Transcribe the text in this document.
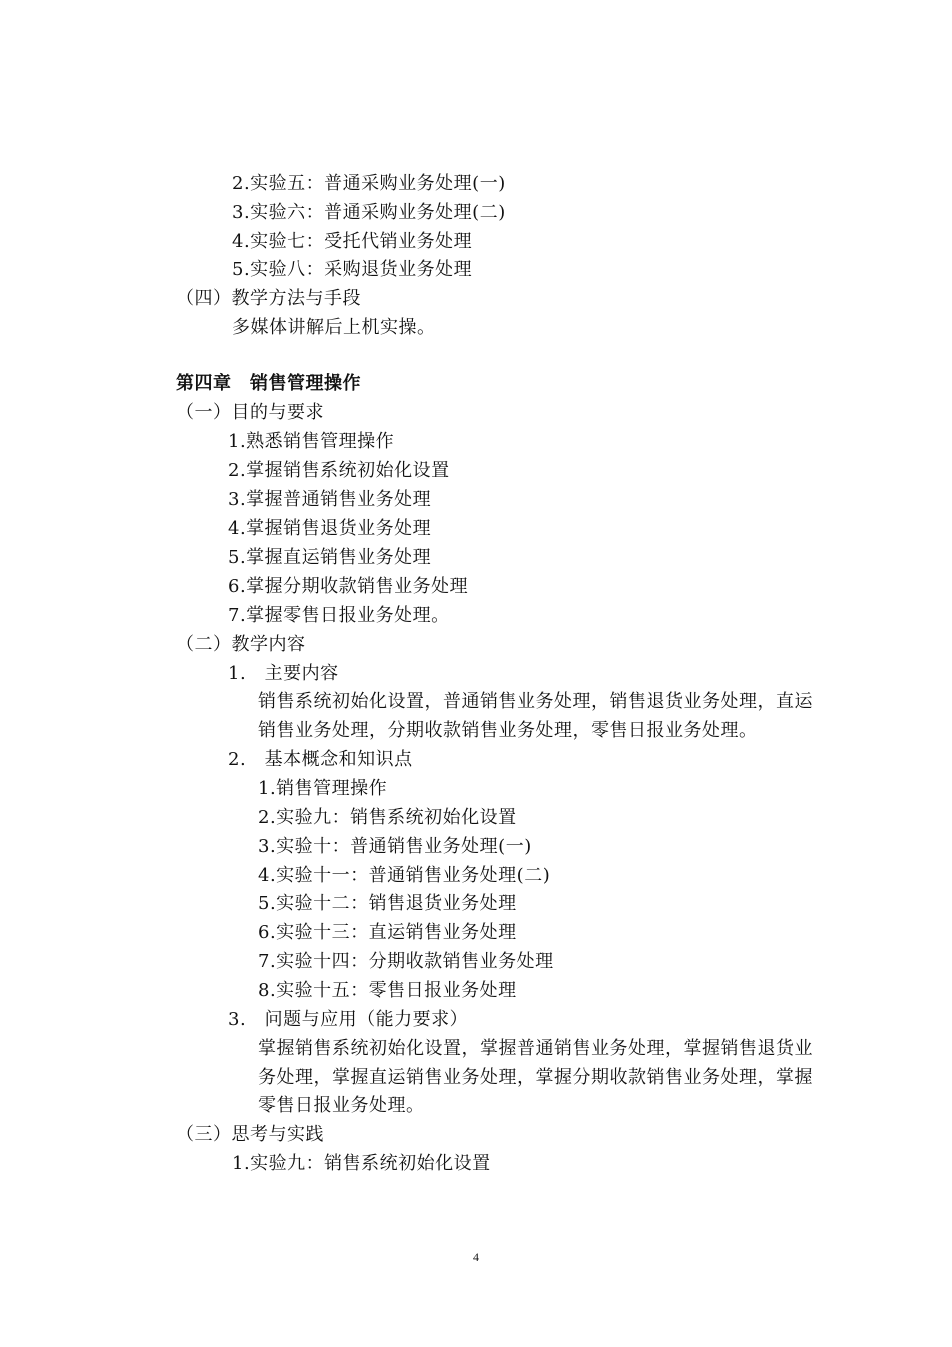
2.实验五：普通采购业务处理(一)
3.实验六：普通采购业务处理(二)
4.实验七：受托代销业务处理
5.实验八：采购退货业务处理
（四）教学方法与手段
多媒体讲解后上机实操。
第四章　销售管理操作
（一）目的与要求
1.熟悉销售管理操作
2.掌握销售系统初始化设置
3.掌握普通销售业务处理
4.掌握销售退货业务处理
5.掌握直运销售业务处理
6.掌握分期收款销售业务处理
7.掌握零售日报业务处理。
（二）教学内容
1.　主要内容
销售系统初始化设置，普通销售业务处理，销售退货业务处理，直运
销售业务处理，分期收款销售业务处理，零售日报业务处理。
2.　基本概念和知识点
1.销售管理操作
2.实验九：销售系统初始化设置
3.实验十：普通销售业务处理(一)
4.实验十一：普通销售业务处理(二)
5.实验十二：销售退货业务处理
6.实验十三：直运销售业务处理
7.实验十四：分期收款销售业务处理
8.实验十五：零售日报业务处理
3.　问题与应用（能力要求）
掌握销售系统初始化设置，掌握普通销售业务处理，掌握销售退货业
务处理，掌握直运销售业务处理，掌握分期收款销售业务处理，掌握
零售日报业务处理。
（三）思考与实践
1.实验九：销售系统初始化设置
4
